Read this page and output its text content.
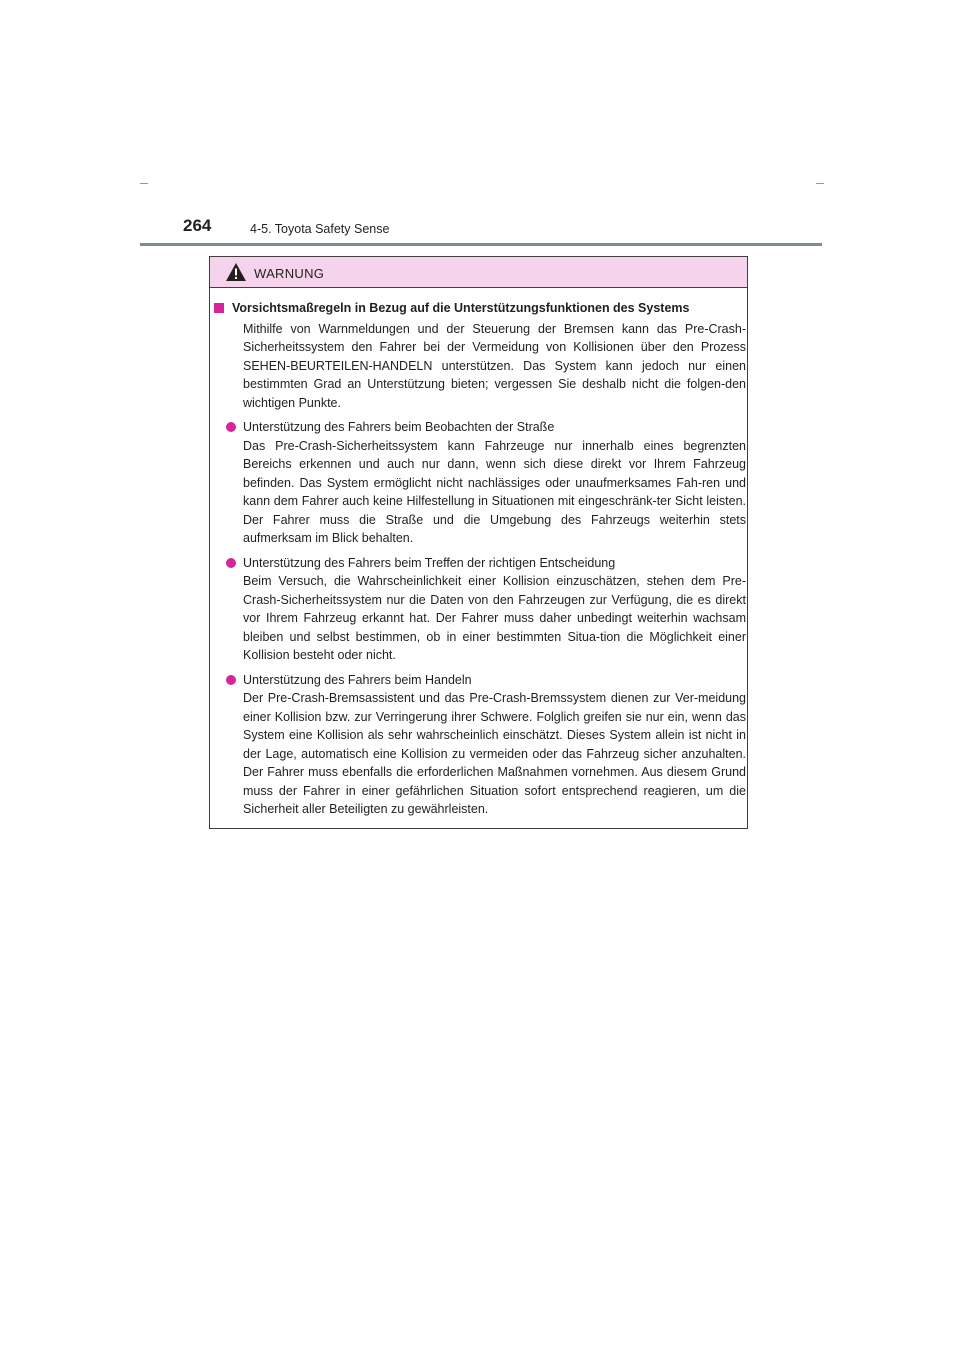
264	4-5. Toyota Safety Sense
WARNUNG
Vorsichtsmaßregeln in Bezug auf die Unterstützungsfunktionen des Systems
Mithilfe von Warnmeldungen und der Steuerung der Bremsen kann das Pre-Crash-Sicherheitssystem den Fahrer bei der Vermeidung von Kollisionen über den Prozess SEHEN-BEURTEILEN-HANDELN unterstützen. Das System kann jedoch nur einen bestimmten Grad an Unterstützung bieten; vergessen Sie deshalb nicht die folgen-den wichtigen Punkte.
Unterstützung des Fahrers beim Beobachten der Straße
Das Pre-Crash-Sicherheitssystem kann Fahrzeuge nur innerhalb eines begrenzten Bereichs erkennen und auch nur dann, wenn sich diese direkt vor Ihrem Fahrzeug befinden. Das System ermöglicht nicht nachlässiges oder unaufmerksames Fah-ren und kann dem Fahrer auch keine Hilfestellung in Situationen mit eingeschränk-ter Sicht leisten. Der Fahrer muss die Straße und die Umgebung des Fahrzeugs weiterhin stets aufmerksam im Blick behalten.
Unterstützung des Fahrers beim Treffen der richtigen Entscheidung
Beim Versuch, die Wahrscheinlichkeit einer Kollision einzuschätzen, stehen dem Pre-Crash-Sicherheitssystem nur die Daten von den Fahrzeugen zur Verfügung, die es direkt vor Ihrem Fahrzeug erkannt hat. Der Fahrer muss daher unbedingt weiterhin wachsam bleiben und selbst bestimmen, ob in einer bestimmten Situa-tion die Möglichkeit einer Kollision besteht oder nicht.
Unterstützung des Fahrers beim Handeln
Der Pre-Crash-Bremsassistent und das Pre-Crash-Bremssystem dienen zur Ver-meidung einer Kollision bzw. zur Verringerung ihrer Schwere. Folglich greifen sie nur ein, wenn das System eine Kollision als sehr wahrscheinlich einschätzt. Dieses System allein ist nicht in der Lage, automatisch eine Kollision zu vermeiden oder das Fahrzeug sicher anzuhalten. Der Fahrer muss ebenfalls die erforderlichen Maßnahmen vornehmen. Aus diesem Grund muss der Fahrer in einer gefährlichen Situation sofort entsprechend reagieren, um die Sicherheit aller Beteiligten zu gewährleisten.
